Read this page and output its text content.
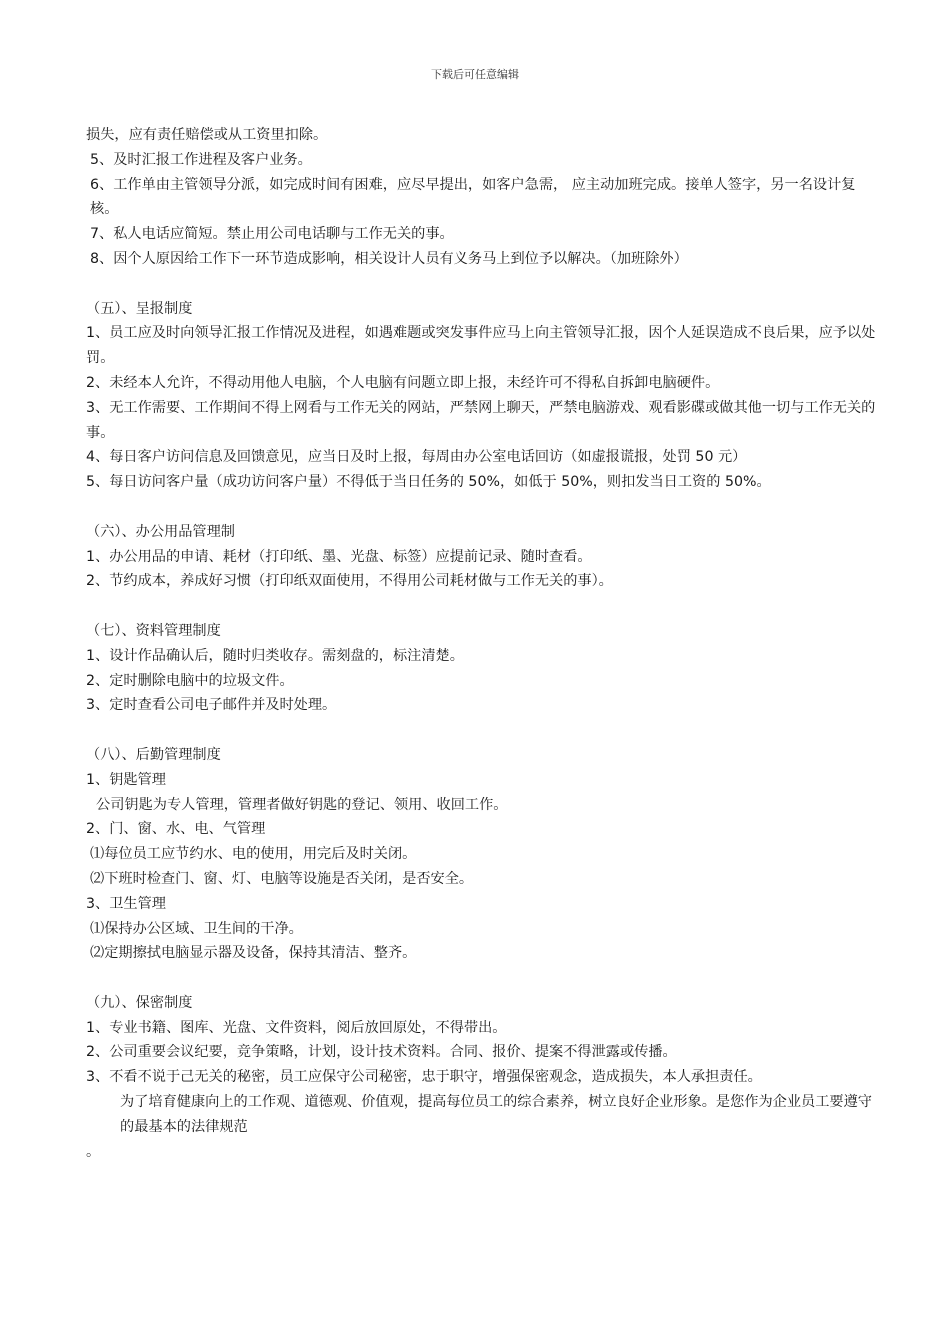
下载后可任意编辑
损失，应有责任赔偿或从工资里扣除。
5、及时汇报工作进程及客户业务。
6、工作单由主管领导分派，如完成时间有困难，应尽早提出，如客户急需， 应主动加班完成。接单人签字，另一名设计复核。
7、私人电话应简短。禁止用公司电话聊与工作无关的事。
8、因个人原因给工作下一环节造成影响，相关设计人员有义务马上到位予以解决。（加班除外）
（五）、呈报制度
1、员工应及时向领导汇报工作情况及进程，如遇难题或突发事件应马上向主管领导汇报，因个人延误造成不良后果，应予以处罚。
2、未经本人允许，不得动用他人电脑，个人电脑有问题立即上报，未经许可不得私自拆卸电脑硬件。
3、无工作需要、工作期间不得上网看与工作无关的网站，严禁网上聊天，严禁电脑游戏、观看影碟或做其他一切与工作无关的事。
4、每日客户访问信息及回馈意见，应当日及时上报，每周由办公室电话回访（如虚报谎报，处罚 50 元）
5、每日访问客户量（成功访问客户量）不得低于当日任务的 50%，如低于 50%，则扣发当日工资的 50%。
（六）、办公用品管理制
1、办公用品的申请、耗材（打印纸、墨、光盘、标签）应提前记录、随时查看。
2、节约成本，养成好习惯（打印纸双面使用，不得用公司耗材做与工作无关的事）。
（七）、资料管理制度
1、设计作品确认后，随时归类收存。需刻盘的，标注清楚。
2、定时删除电脑中的垃圾文件。
3、定时查看公司电子邮件并及时处理。
（八）、后勤管理制度
1、钥匙管理
公司钥匙为专人管理，管理者做好钥匙的登记、领用、收回工作。
2、门、窗、水、电、气管理
⑴每位员工应节约水、电的使用，用完后及时关闭。
⑵下班时检查门、窗、灯、电脑等设施是否关闭，是否安全。
3、卫生管理
⑴保持办公区域、卫生间的干净。
⑵定期擦拭电脑显示器及设备，保持其清洁、整齐。
（九）、保密制度
1、专业书籍、图库、光盘、文件资料，阅后放回原处，不得带出。
2、公司重要会议纪要，竞争策略，计划，设计技术资料。合同、报价、提案不得泄露或传播。
3、不看不说于己无关的秘密，员工应保守公司秘密，忠于职守，增强保密观念，造成损失，本人承担责任。
为了培育健康向上的工作观、道德观、价值观，提高每位员工的综合素养，树立良好企业形象。是您作为企业员工要遵守的最基本的法律规范
。
